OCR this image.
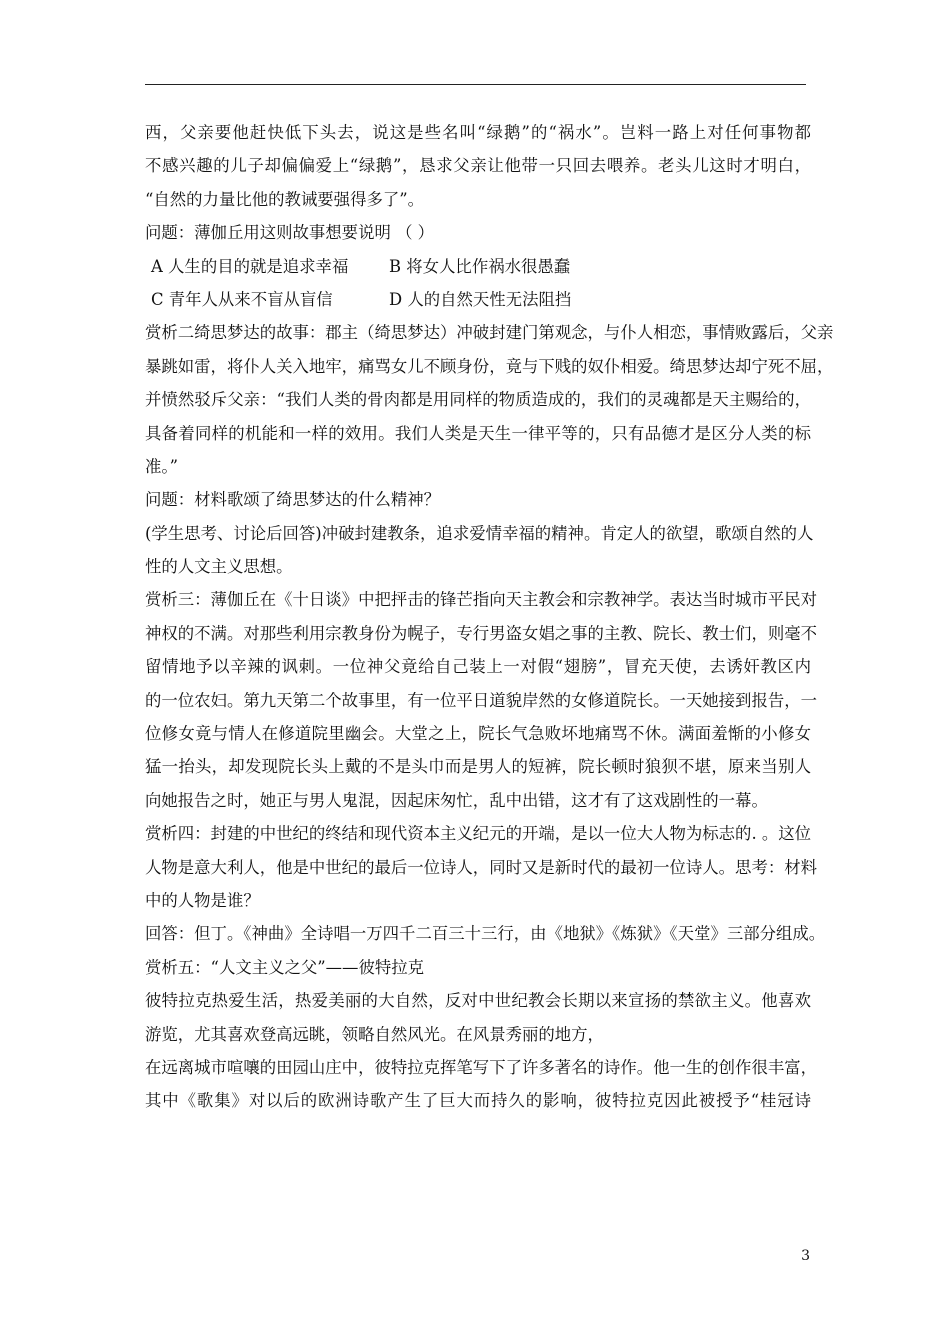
西，父亲要他赶快低下头去，说这是些名叫“绿鹅”的“祸水”。岂料一路上对任何事物都
不感兴趣的儿子却偏偏爱上“绿鹅”，恳求父亲让他带一只回去喂养。老头儿这时才明白，
“自然的力量比他的教诫要强得多了”。
问题：薄伽丘用这则故事想要说明 （ ）
A 人生的目的就是追求幸福	B 将女人比作祸水很愚蠢
C 青年人从来不盲从盲信	D 人的自然天性无法阻挡
赏析二绮思梦达的故事：郡主（绮思梦达）冲破封建门第观念，与仆人相恋，事情败露后，父亲
暴跳如雷，将仆人关入地牢，痛骂女儿不顾身份，竟与下贱的奴仆相爱。绮思梦达却宁死不屈，
并愤然驳斥父亲：“我们人类的骨肉都是用同样的物质造成的，我们的灵魂都是天主赐给的，
具备着同样的机能和一样的效用。我们人类是天生一律平等的，只有品德才是区分人类的标
准。”
问题：材料歌颂了绮思梦达的什么精神？
(学生思考、讨论后回答)冲破封建教条，追求爱情幸福的精神。肯定人的欲望，歌颂自然的人
性的人文主义思想。
赏析三：薄伽丘在《十日谈》中把抨击的锋芒指向天主教会和宗教神学。表达当时城市平民对
神权的不满。对那些利用宗教身份为幌子，专行男盗女娼之事的主教、院长、教士们，则毫不
留情地予以辛辣的讽刺。一位神父竟给自己装上一对假“翅膀”，冒充天使，去诱奸教区内
的一位农妇。第九天第二个故事里，有一位平日道貌岸然的女修道院长。一天她接到报告，一
位修女竟与情人在修道院里幽会。大堂之上，院长气急败坏地痛骂不休。满面羞惭的小修女
猛一抬头，却发现院长头上戴的不是头巾而是男人的短裤，院长顿时狼狈不堪，原来当别人
向她报告之时，她正与男人鬼混，因起床匆忙，乱中出错，这才有了这戏剧性的一幕。
赏析四：封建的中世纪的终结和现代资本主义纪元的开端，是以一位大人物为标志的. 。这位
人物是意大利人，他是中世纪的最后一位诗人，同时又是新时代的最初一位诗人。思考：材料
中的人物是谁？
回答：但丁。《神曲》全诗唱一万四千二百三十三行，由《地狱》《炼狱》《天堂》三部分组成。
赏析五：“人文主义之父”——彼特拉克
彼特拉克热爱生活，热爱美丽的大自然，反对中世纪教会长期以来宣扬的禁欲主义。他喜欢
游览，尤其喜欢登高远眺，领略自然风光。在风景秀丽的地方，
在远离城市喧嚷的田园山庄中，彼特拉克挥笔写下了许多著名的诗作。他一生的创作很丰富，
其中《歌集》对以后的欧洲诗歌产生了巨大而持久的影响，彼特拉克因此被授予“桂冠诗
3
